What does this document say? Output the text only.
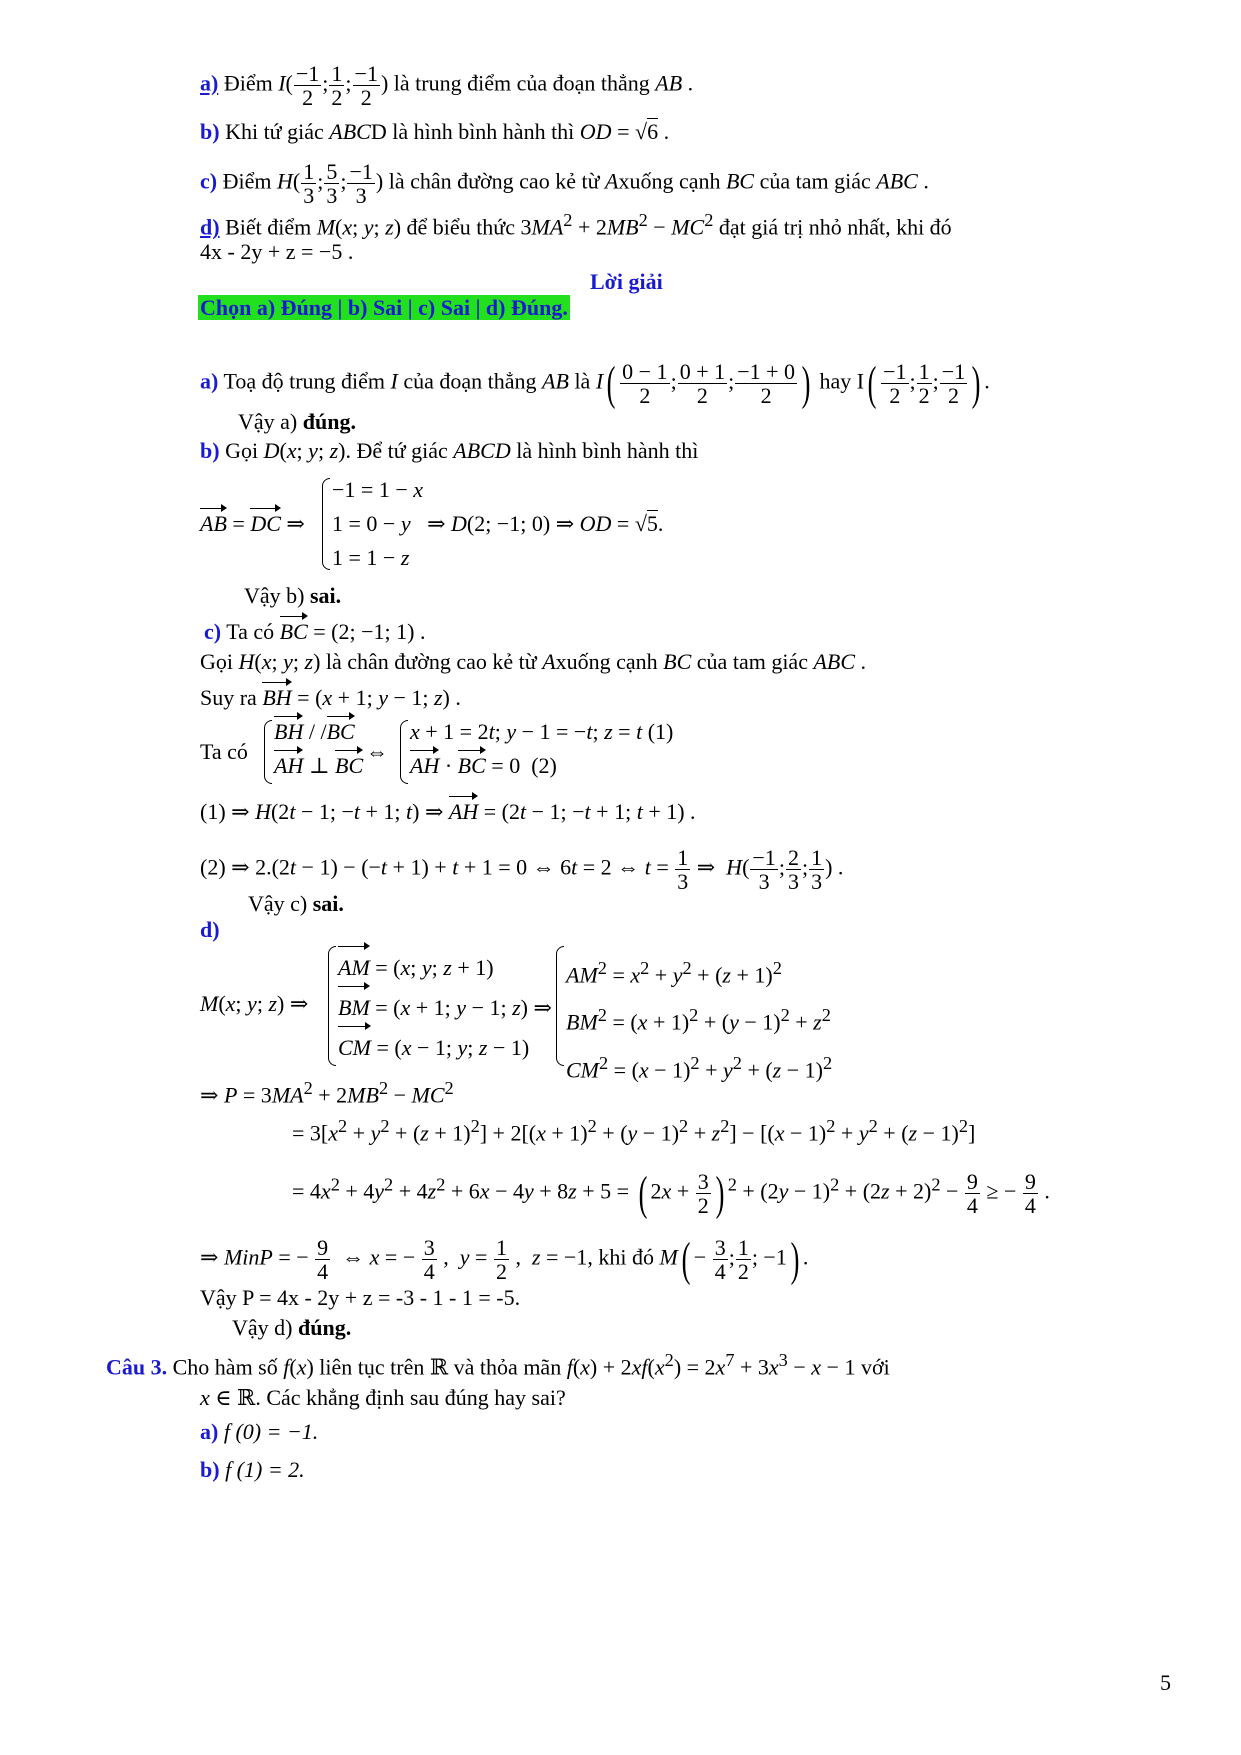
a) Điểm $I( \frac{-1}{2}$ ; $\frac{1}{2}$ ; $\frac{-1}{2}$ ) là trung điểm của đoạn thẳng AB .
b) Khi tứ giác ABCD là hình bình hành thì OD = √6 .
c) Điểm $H( \frac{1}{3}$ ; $\frac{5}{3}$ ; $\frac{-1}{3}$ ) là chân đường cao kẻ từ Axuống cạnh BC của tam giác ABC .
d) Biết điểm M(x; y; z) để biểu thức $3MA^2 + 2MB^2 - MC^2$ đạt giá trị nhỏ nhất, khi đó
4x - 2y + z = −5 .
Lời giải
Chọn a) Đúng | b) Sai | c) Sai | d) Đúng.
a) Toạ độ trung điểm I của đoạn thẳng AB là $I( \frac{0 - 1}{2}$ ; $\frac{0 + 1}{2}$ ; $\frac{-1 + 0}{2}$ ) hay $I( \frac{-1}{2}$ ; $\frac{1}{2}$ ; $\frac{-1}{2}$ ) .
Vậy a) đúng.
b) Gọi D(x; y; z). Để tứ giác ABCD là hình bình hành thì
AB = DC ⇒
−1 = 1 − x
1 = 0 − y   ⇒ D(2; −1; 0) ⇒ OD = √5.
1 = 1 − z
Vậy b) sai.
c) Ta có BC = (2; −1; 1) .
Gọi H(x; y; z) là chân đường cao kẻ từ Axuống cạnh BC của tam giác ABC .
Suy ra BH = (x + 1; y − 1; z) .
Ta có
BH / /BC
AH ⊥ BC
⇔
x + 1 = 2t; y − 1 = −t; z = t (1)
AH · BC = 0  (2)
(1) ⇒ H(2t − 1; −t + 1; t) ⇒ AH = (2t − 1; −t + 1; t + 1) .
(2) ⇒ 2.(2t − 1) − (−t + 1) + t + 1 = 0 ⇔ 6t = 2 ⇔ $t = \frac{1}{3}$ ⇒  $H( \frac{-1}{3}$ ; $\frac{2}{3}$ ; $\frac{1}{3}$ ) .
Vậy c) sai.
d)
M(x; y; z) ⇒
AM = (x; y; z + 1)
BM = (x + 1; y − 1; z) ⇒
CM = (x − 1; y; z − 1)
$AM^2 = x^2 + y^2 + (z + 1)^2$
$BM^2 = (x + 1)^2 + (y - 1)^2 + z^2$
$CM^2 = (x - 1)^2 + y^2 + (z - 1)^2$
⇒ $P = 3MA^2 + 2MB^2 - MC^2$
= $3[x^2 + y^2 + (z + 1)^2] + 2[(x + 1)^2 + (y - 1)^2 + z^2] - [(x - 1)^2 + y^2 + (z - 1)^2]$
= $4x^2 + 4y^2 + 4z^2 + 6x - 4y + 8z + 5$ = ( $2x + \frac{3}{2}$ ) $^2 + (2y - 1)^2 + (2z + 2)^2 - \frac{9}{4}$ ≥ − $\frac{9}{4}$ .
⇒ MinP = − $\frac{9}{4}$ ⇔ x = − $\frac{3}{4}$ ,  $y = \frac{1}{2}$ ,  z = −1, khi đó $M( - \frac{3}{4}$ ; $\frac{1}{2}$ ; −1) .
Vậy P = 4x - 2y + z = -3 - 1 - 1 = -5.
Vậy d) đúng.
Câu 3. Cho hàm số f(x) liên tục trên ℝ và thỏa mãn $f(x) + 2xf(x^2) = 2x^7 + 3x^3 - x - 1$ với
x ∈ ℝ. Các khẳng định sau đúng hay sai?
a) f (0) = −1.
b) f (1) = 2.
5
